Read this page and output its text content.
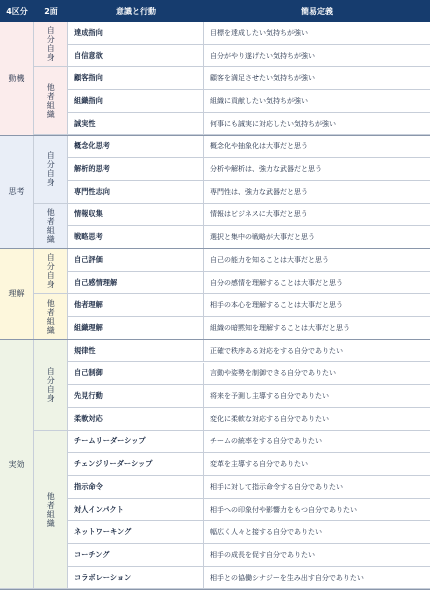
4区分	2面	意識と行動	簡易定義
動機
自分自身	達成指向	目標を達成したい気持ちが強い
自信意欲	自分がやり遂げたい気持ちが強い
他者組織
顧客指向	顧客を満足させたい気持ちが強い
組織指向	組織に貢献したい気持ちが強い
誠実性	何事にも誠実に対応したい気持ちが強い
思考
自分自身
概念化思考	概念化や抽象化は大事だと思う
解析的思考	分析や解析は、強力な武器だと思う
専門性志向	専門性は、強力な武器だと思う
他者組織	情報収集	情報はビジネスに大事だと思う
戦略思考	選択と集中の戦略が大事だと思う
理解
自分自身	自己評価	自己の能力を知ることは大事だと思う
自己感情理解	自分の感情を理解することは大事だと思う
他者組織	他者理解	相手の本心を理解することは大事だと思う
組織理解	組織の暗黙知を理解することは大事だと思う
実効
自分自身
規律性	正確で秩序ある対応をする自分でありたい
自己制御	言動や姿勢を制御できる自分でありたい
先見行動	将来を予測し主導する自分でありたい
柔軟対応	変化に柔軟な対応する自分でありたい
他者組織
チームリーダーシップ	チームの統率をする自分でありたい
チェンジリーダーシップ	変革を主導する自分でありたい
指示命令	相手に対して指示命令する自分でありたい
対人インパクト	相手への印象付や影響力をもつ自分でありたい
ネットワーキング	幅広く人々と接する自分でありたい
コーチング	相手の成長を促す自分でありたい
コラボレーション	相手との協働シナジーを生み出す自分でありたい
